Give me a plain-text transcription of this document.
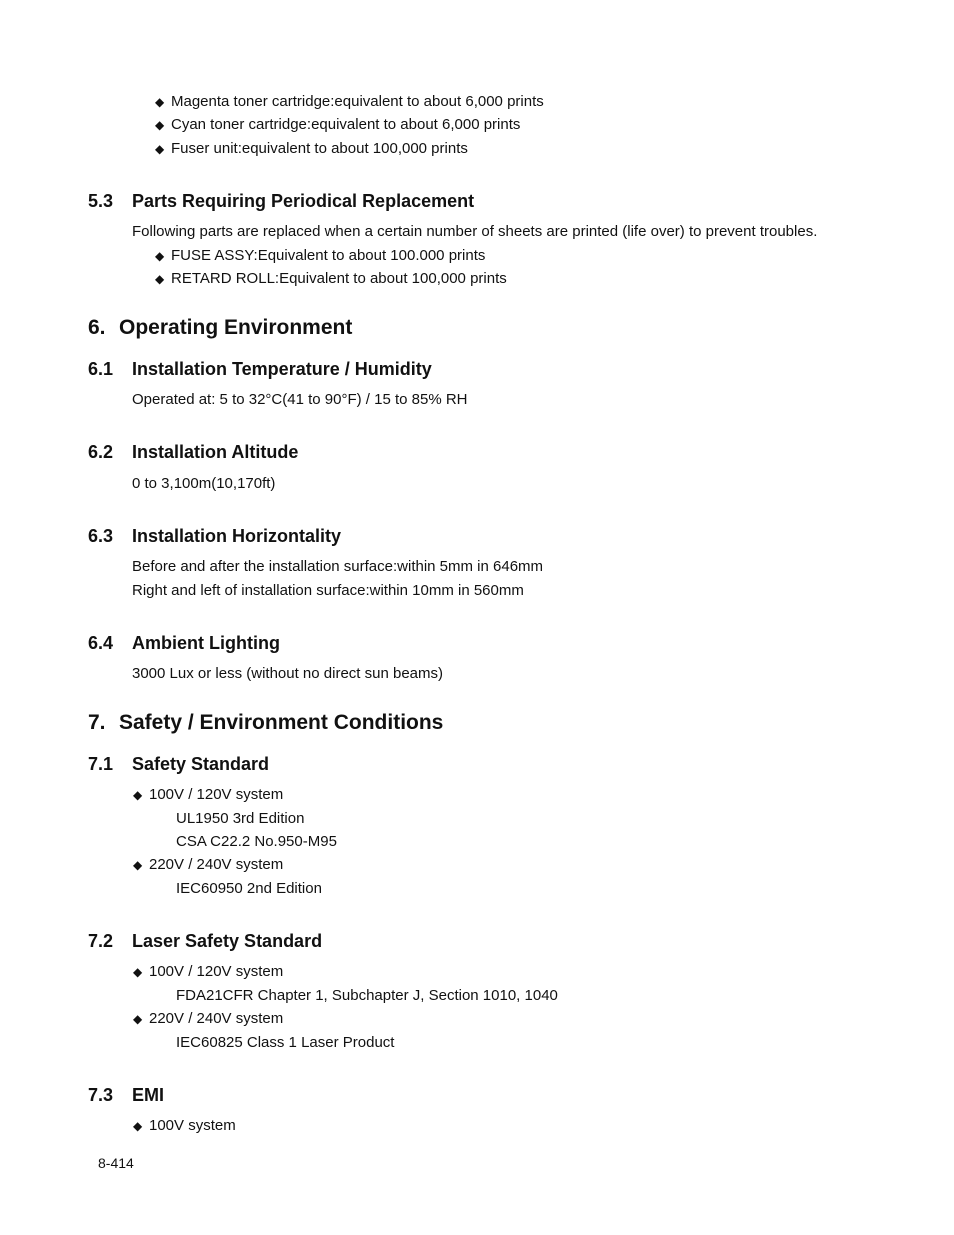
◆ Magenta toner cartridge:equivalent to about 6,000 prints
◆ Cyan toner cartridge:equivalent to about 6,000 prints
◆ Fuser unit:equivalent to about 100,000 prints
5.3 Parts Requiring Periodical Replacement
Following parts are replaced when a certain number of sheets are printed (life over) to prevent troubles.
◆ FUSE ASSY:Equivalent to about 100.000 prints
◆ RETARD ROLL:Equivalent to about 100,000 prints
6. Operating Environment
6.1 Installation Temperature / Humidity
Operated at: 5 to 32°C(41 to 90°F) / 15 to 85% RH
6.2 Installation Altitude
0 to 3,100m(10,170ft)
6.3 Installation Horizontality
Before and after the installation surface:within 5mm in 646mm
Right and left of installation surface:within 10mm in 560mm
6.4 Ambient Lighting
3000 Lux or less (without no direct sun beams)
7. Safety / Environment Conditions
7.1 Safety Standard
◆ 100V / 120V system
UL1950 3rd Edition
CSA C22.2 No.950-M95
◆ 220V / 240V system
IEC60950 2nd Edition
7.2 Laser Safety Standard
◆ 100V / 120V system
FDA21CFR Chapter 1, Subchapter J, Section 1010, 1040
◆ 220V / 240V system
IEC60825 Class 1 Laser Product
7.3 EMI
◆ 100V system
8-414
